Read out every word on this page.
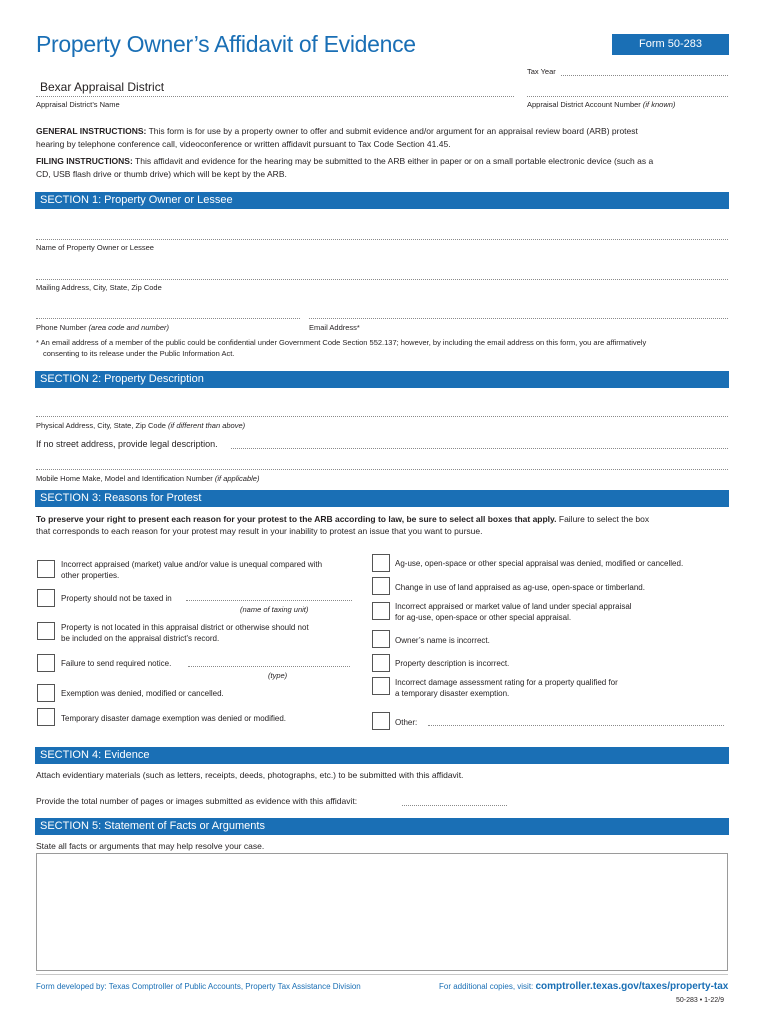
Property Owner’s Affidavit of Evidence	Form 50-283
Tax Year
Bexar Appraisal District
Appraisal District’s Name	Appraisal District Account Number (if known)
GENERAL INSTRUCTIONS: This form is for use by a property owner to offer and submit evidence and/or argument for an appraisal review board (ARB) protest
hearing by telephone conference call, videoconference or written affidavit pursuant to Tax Code Section 41.45.
FILING INSTRUCTIONS: This affidavit and evidence for the hearing may be submitted to the ARB either in paper or on a small portable electronic device (such as a
CD, USB flash drive or thumb drive) which will be kept by the ARB.
SECTION 1: Property Owner or Lessee
Name of Property Owner or Lessee
Mailing Address, City, State, Zip Code
Phone Number (area code and number)	Email Address*
* An email address of a member of the public could be confidential under Government Code Section 552.137; however, by including the email address on this form, you are affirmatively
consenting to its release under the Public Information Act.
SECTION 2: Property Description
Physical Address, City, State, Zip Code (if different than above)
If no street address, provide legal description.
Mobile Home Make, Model and Identification Number (if applicable)
SECTION 3: Reasons for Protest
To preserve your right to present each reason for your protest to the ARB according to law, be sure to select all boxes that apply. Failure to select the box
that corresponds to each reason for your protest may result in your inability to protest an issue that you want to pursue.
Incorrect appraised (market) value and/or value is unequal compared with
other properties.
Property should not be taxed in
(name of taxing unit)
Property is not located in this appraisal district or otherwise should not
be included on the appraisal district’s record.
Failure to send required notice.
(type)
Exemption was denied, modified or cancelled.
Temporary disaster damage exemption was denied or modified.
Ag-use, open-space or other special appraisal was denied, modified or cancelled.
Change in use of land appraised as ag-use, open-space or timberland.
Incorrect appraised or market value of land under special appraisal
for ag-use, open-space or other special appraisal.
Owner’s name is incorrect.
Property description is incorrect.
Incorrect damage assessment rating for a property qualified for
a temporary disaster exemption.
Other:
SECTION 4: Evidence
Attach evidentiary materials (such as letters, receipts, deeds, photographs, etc.) to be submitted with this affidavit.
Provide the total number of pages or images submitted as evidence with this affidavit:
SECTION 5: Statement of Facts or Arguments
State all facts or arguments that may help resolve your case.
Form developed by: Texas Comptroller of Public Accounts, Property Tax Assistance Division	For additional copies, visit: comptroller.texas.gov/taxes/property-tax
50-283 • 1-22/9
